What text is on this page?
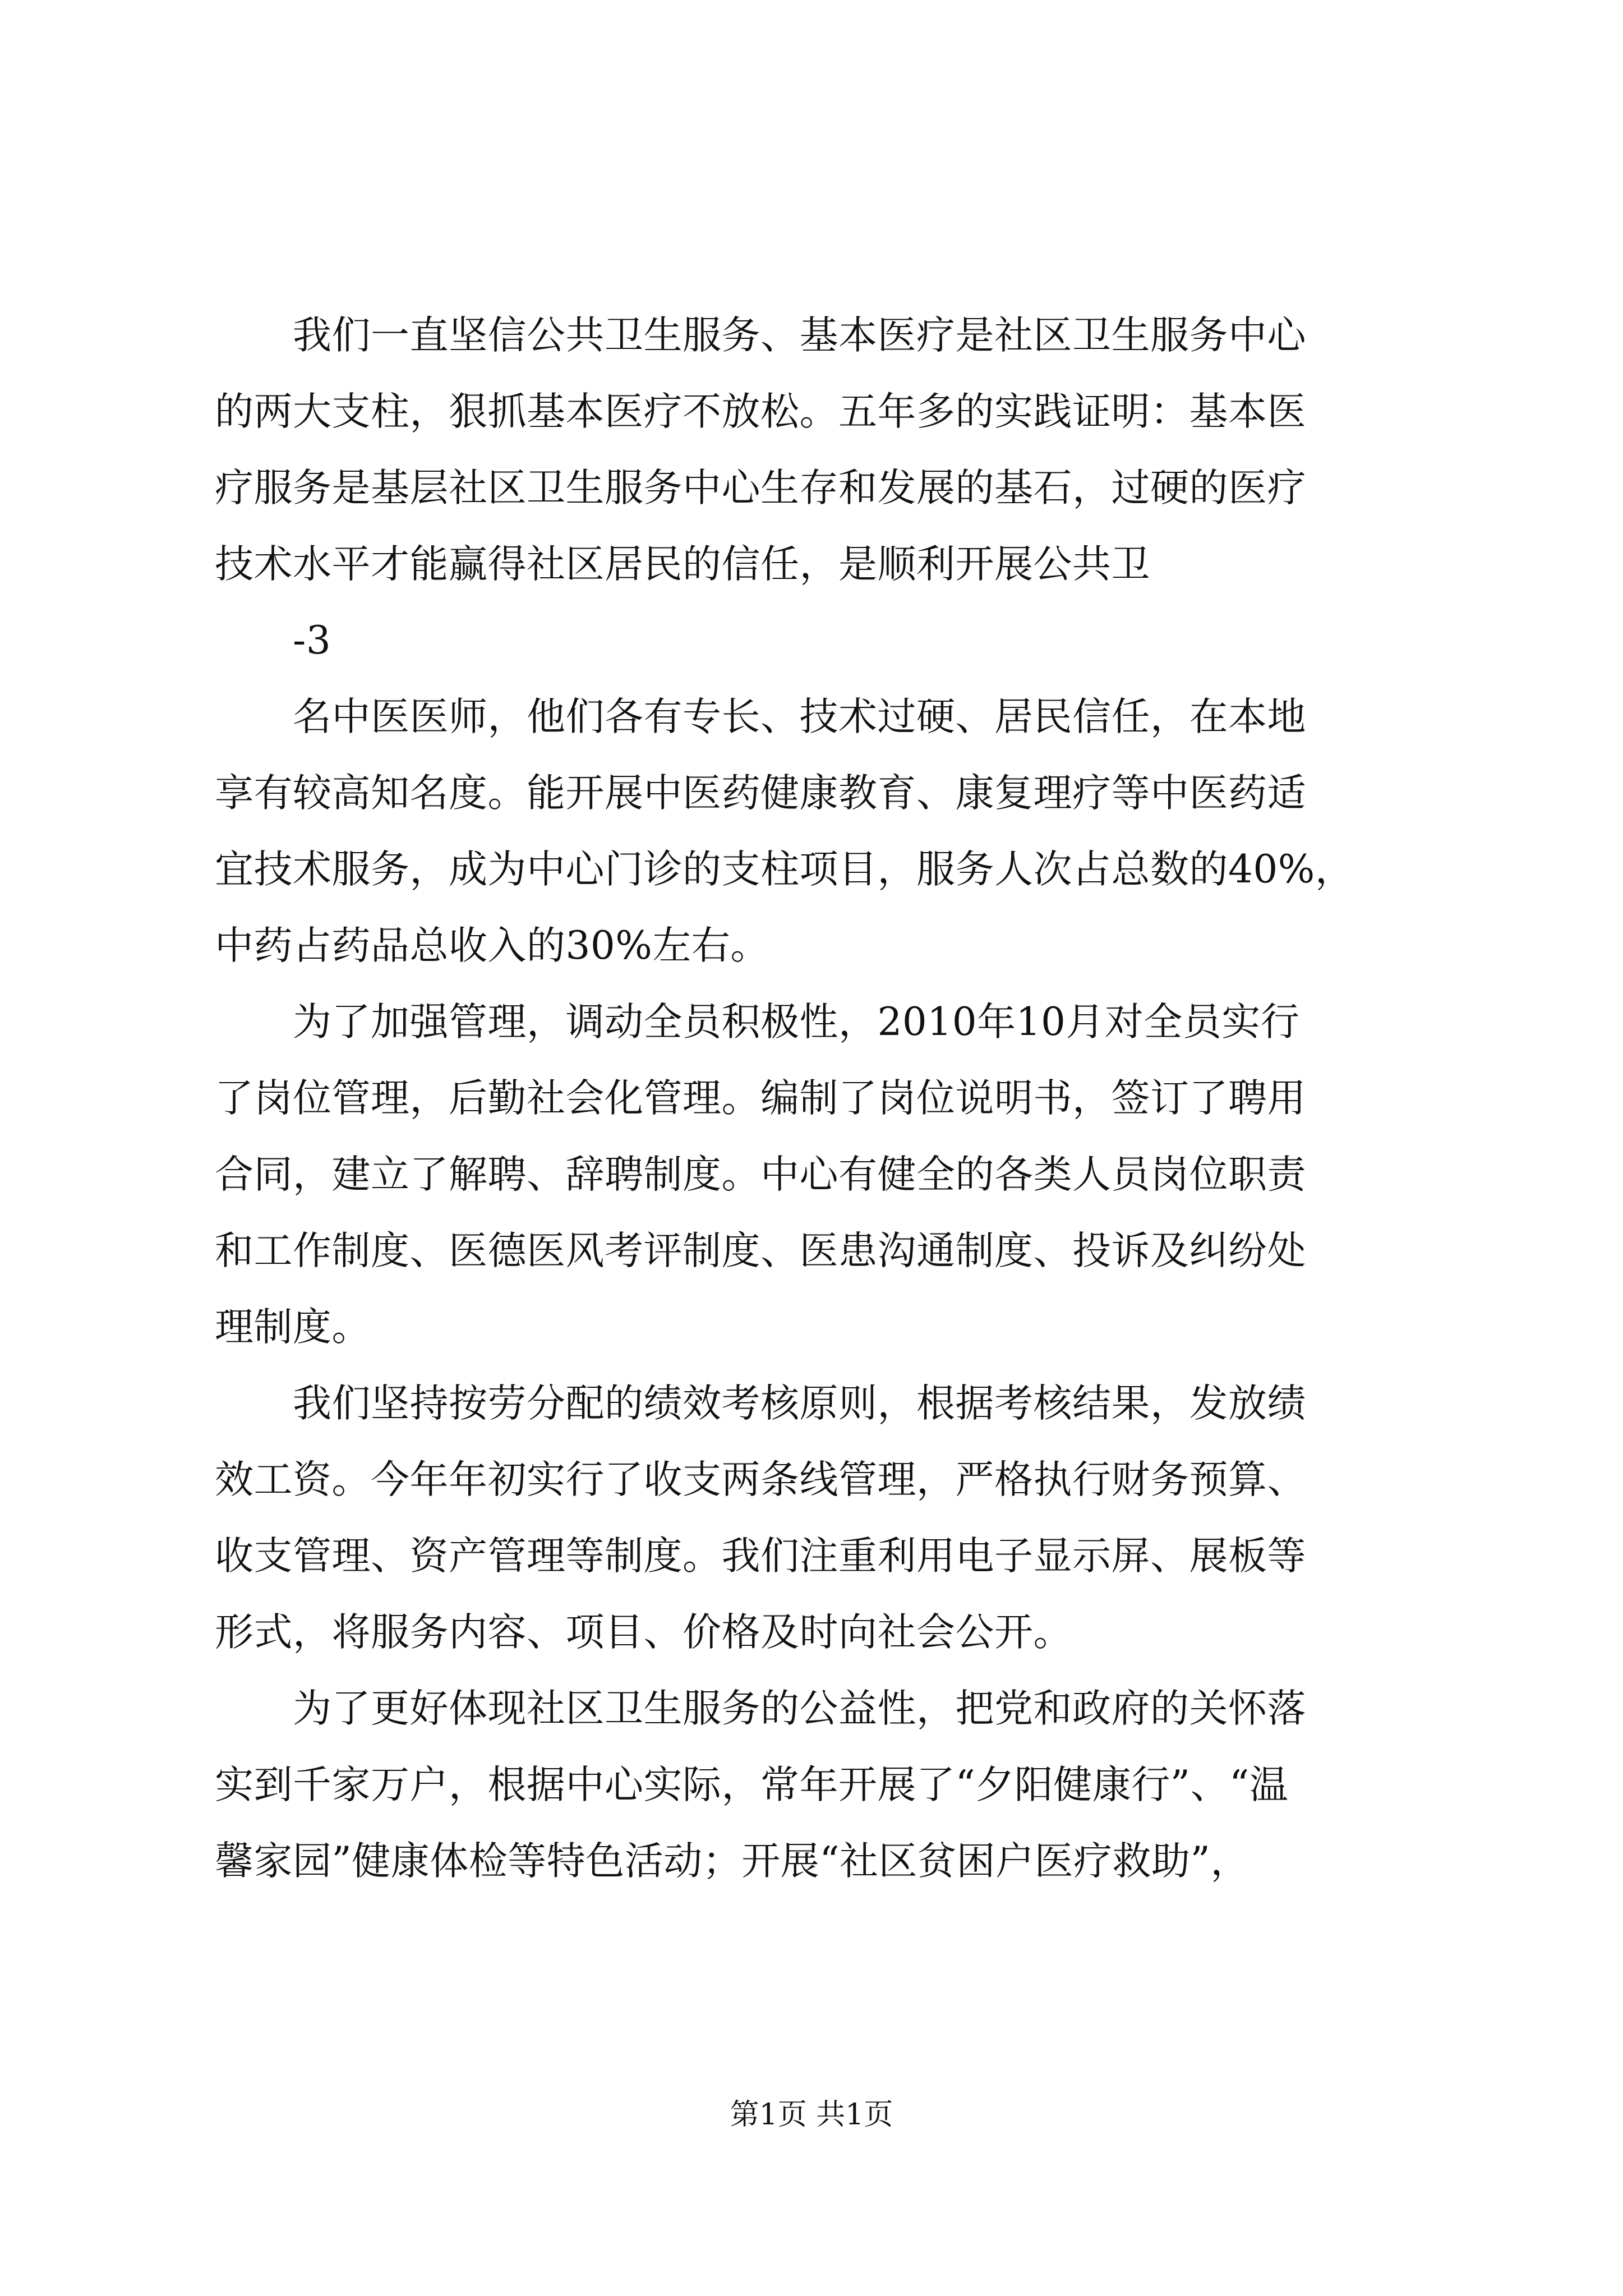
　　我们一直坚信公共卫生服务、基本医疗是社区卫生服务中心
的两大支柱，狠抓基本医疗不放松。五年多的实践证明：基本医
疗服务是基层社区卫生服务中心生存和发展的基石，过硬的医疗
技术水平才能赢得社区居民的信任，是顺利开展公共卫
　　-3
　　名中医医师，他们各有专长、技术过硬、居民信任，在本地
享有较高知名度。能开展中医药健康教育、康复理疗等中医药适
宜技术服务，成为中心门诊的支柱项目，服务人次占总数的40%，
中药占药品总收入的30%左右。
　　为了加强管理，调动全员积极性，2010年10月对全员实行
了岗位管理，后勤社会化管理。编制了岗位说明书，签订了聘用
合同，建立了解聘、辞聘制度。中心有健全的各类人员岗位职责
和工作制度、医德医风考评制度、医患沟通制度、投诉及纠纷处
理制度。
　　我们坚持按劳分配的绩效考核原则，根据考核结果，发放绩
效工资。今年年初实行了收支两条线管理，严格执行财务预算、
收支管理、资产管理等制度。我们注重利用电子显示屏、展板等
形式，将服务内容、项目、价格及时向社会公开。
　　为了更好体现社区卫生服务的公益性，把党和政府的关怀落
实到千家万户，根据中心实际，常年开展了“夕阳健康行”、“温
馨家园”健康体检等特色活动；开展“社区贫困户医疗救助”，
第1页 共1页
